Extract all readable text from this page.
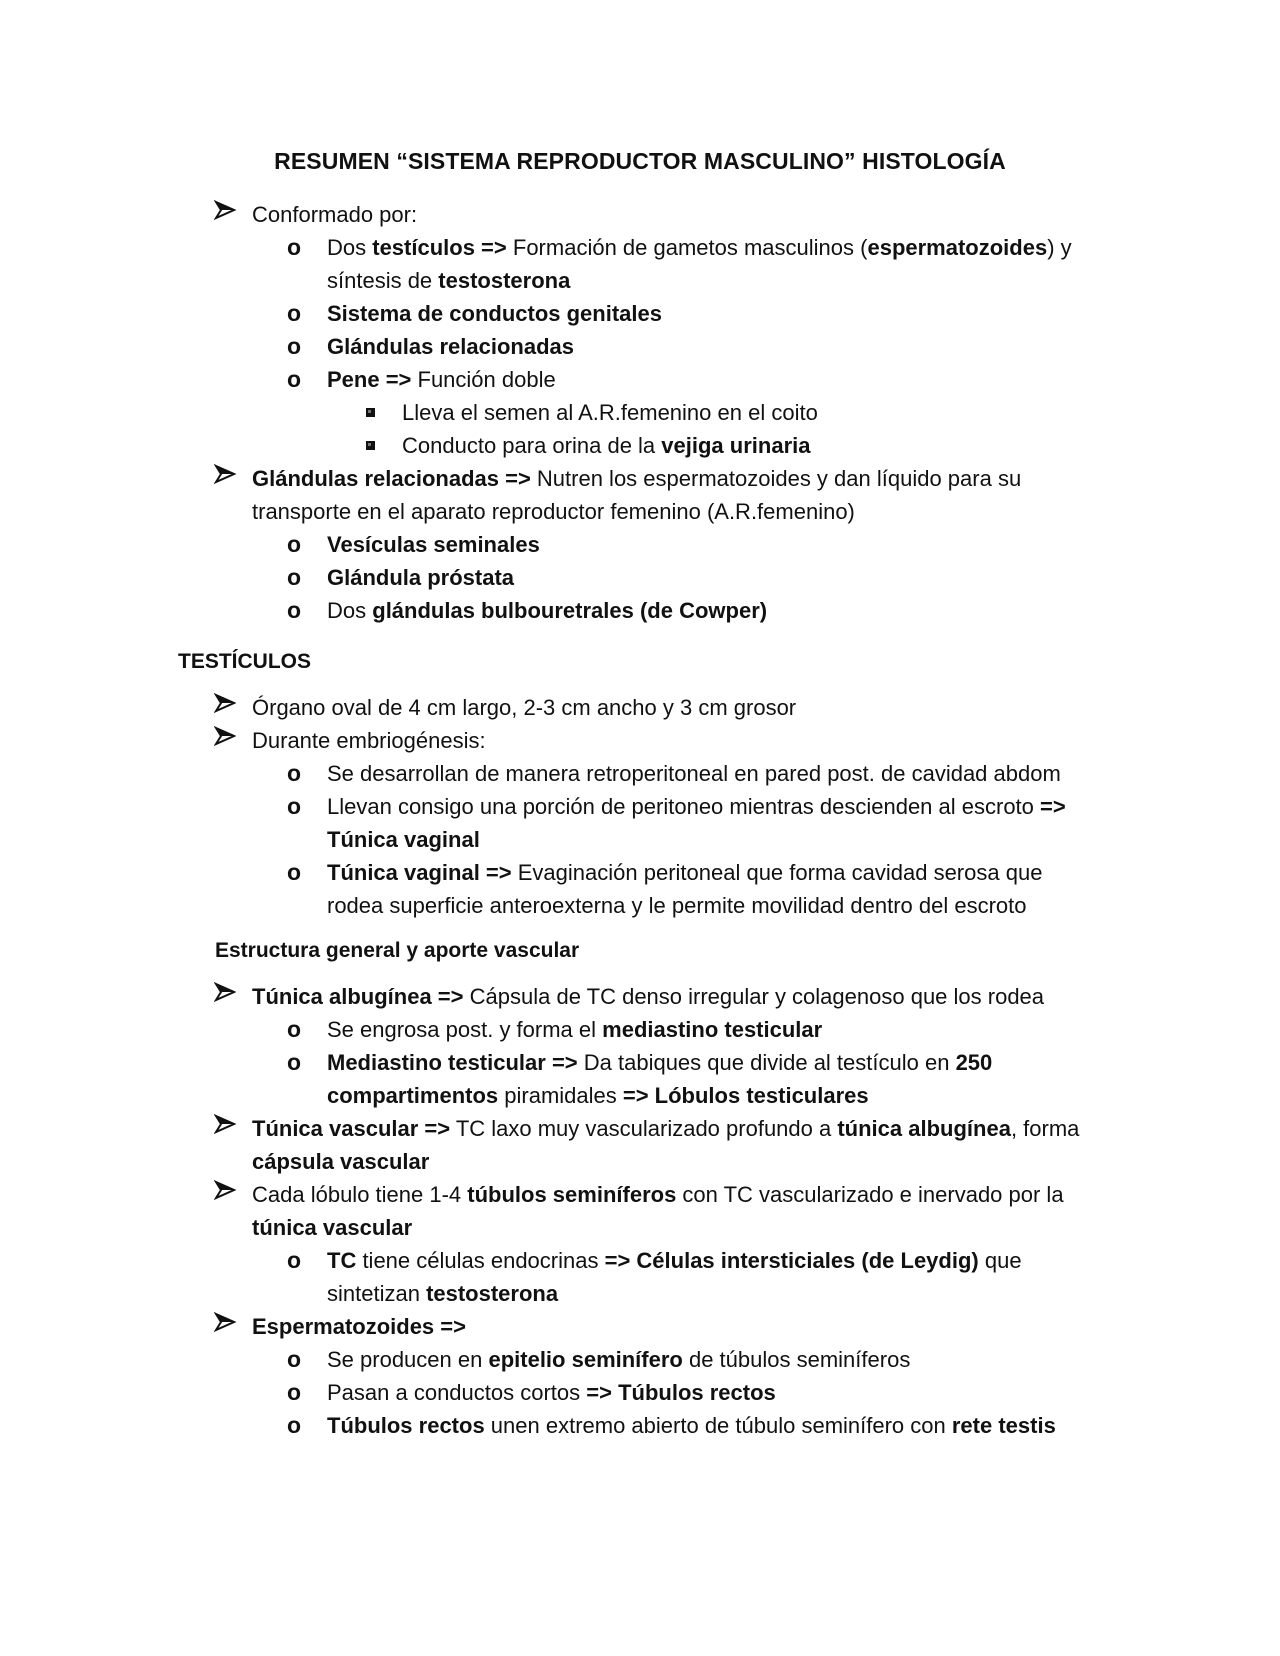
RESUMEN “SISTEMA REPRODUCTOR MASCULINO” HISTOLOGÍA
Conformado por:
o Dos testículos => Formación de gametos masculinos (espermatozoides) y síntesis de testosterona
o Sistema de conductos genitales
o Glándulas relacionadas
o Pene => Función doble
Lleva el semen al A.R.femenino en el coito
Conducto para orina de la vejiga urinaria
Glándulas relacionadas => Nutren los espermatozoides y dan líquido para su transporte en el aparato reproductor femenino (A.R.femenino)
o Vesículas seminales
o Glándula próstata
o Dos glándulas bulbouretrales (de Cowper)
TESTÍCULOS
Órgano oval de 4 cm largo, 2-3 cm ancho y 3 cm grosor
Durante embriogénesis:
o Se desarrollan de manera retroperitoneal en pared post. de cavidad abdom
o Llevan consigo una porción de peritoneo mientras descienden al escroto => Túnica vaginal
o Túnica vaginal => Evaginación peritoneal que forma cavidad serosa que rodea superficie anteroexterna y le permite movilidad dentro del escroto
Estructura general y aporte vascular
Túnica albugínea => Cápsula de TC denso irregular y colagenoso que los rodea
o Se engrosa post. y forma el mediastino testicular
o Mediastino testicular => Da tabiques que divide al testículo en 250 compartimentos piramidales => Lóbulos testiculares
Túnica vascular => TC laxo muy vascularizado profundo a túnica albugínea, forma cápsula vascular
Cada lóbulo tiene 1-4 túbulos seminíferos con TC vascularizado e inervado por la túnica vascular
o TC tiene células endocrinas => Células intersticiales (de Leydig) que sintetizan testosterona
Espermatozoides =>
o Se producen en epitelio seminífero de túbulos seminíferos
o Pasan a conductos cortos => Túbulos rectos
o Túbulos rectos unen extremo abierto de túbulo seminífero con rete testis
